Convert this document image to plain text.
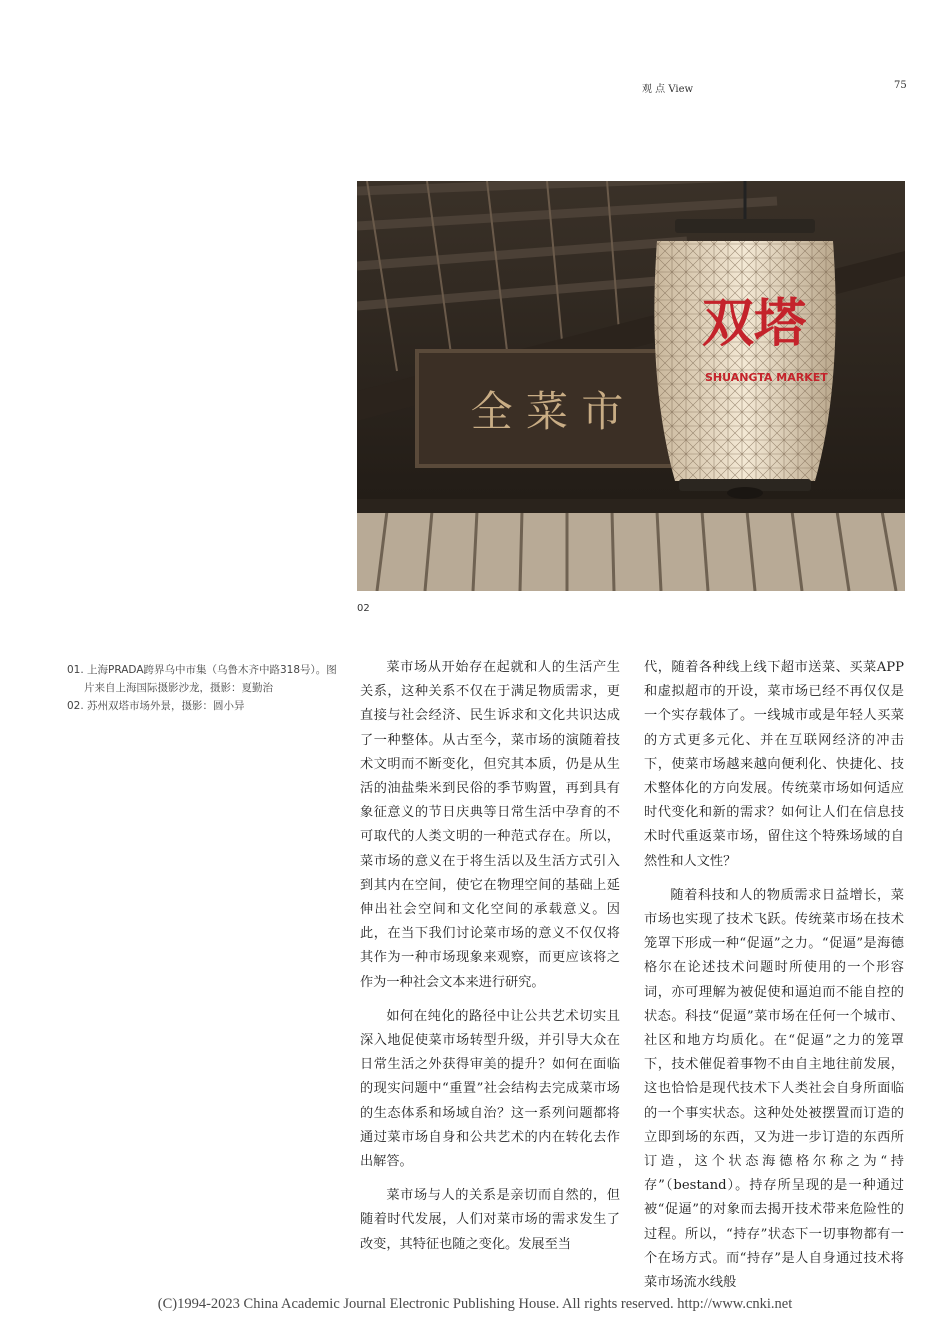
观 点 View	75
全 菜 市
双塔
SHUANGTA MARKET
02
01. 上海PRADA跨界乌中市集（乌鲁木齐中路318号）。图片来自上海国际摄影沙龙，摄影：夏勤治
02. 苏州双塔市场外景，摄影：圆小异

菜市场从开始存在起就和人的生活产生关系，这种关系不仅在于满足物质需求，更直接与社会经济、民生诉求和文化共识达成了一种整体。从古至今，菜市场的演随着技术文明而不断变化，但究其本质，仍是从生活的油盐柴米到民俗的季节购置，再到具有象征意义的节日庆典等日常生活中孕育的不可取代的人类文明的一种范式存在。所以，菜市场的意义在于将生活以及生活方式引入到其内在空间，使它在物理空间的基础上延伸出社会空间和文化空间的承载意义。因此，在当下我们讨论菜市场的意义不仅仅将其作为一种市场现象来观察，而更应该将之作为一种社会文本来进行研究。

如何在纯化的路径中让公共艺术切实且深入地促使菜市场转型升级，并引导大众在日常生活之外获得审美的提升？如何在面临的现实问题中“重置”社会结构去完成菜市场的生态体系和场域自治？这一系列问题都将通过菜市场自身和公共艺术的内在转化去作出解答。

菜市场与人的关系是亲切而自然的，但随着时代发展，人们对菜市场的需求发生了改变，其特征也随之变化。发展至当

代，随着各种线上线下超市送菜、买菜APP和虚拟超市的开设，菜市场已经不再仅仅是一个实存载体了。一线城市或是年轻人买菜的方式更多元化、并在互联网经济的冲击下，使菜市场越来越向便利化、快捷化、技术整体化的方向发展。传统菜市场如何适应时代变化和新的需求？如何让人们在信息技术时代重返菜市场，留住这个特殊场域的自然性和人文性？

随着科技和人的物质需求日益增长，菜市场也实现了技术飞跃。传统菜市场在技术笼罩下形成一种“促逼”之力。“促逼”是海德格尔在论述技术问题时所使用的一个形容词，亦可理解为被促使和逼迫而不能自控的状态。科技“促逼”菜市场在任何一个城市、社区和地方均质化。在“促逼”之力的笼罩下，技术催促着事物不由自主地往前发展，这也恰恰是现代技术下人类社会自身所面临的一个事实状态。这种处处被摆置而订造的立即到场的东西，又为进一步订造的东西所订造，这个状态海德格尔称之为“持存”（bestand）。持存所呈现的是一种通过被“促逼”的对象而去揭开技术带来危险性的过程。所以，“持存”状态下一切事物都有一个在场方式。而“持存”是人自身通过技术将菜市场流水线般

(C)1994-2023 China Academic Journal Electronic Publishing House. All rights reserved. http://www.cnki.net
